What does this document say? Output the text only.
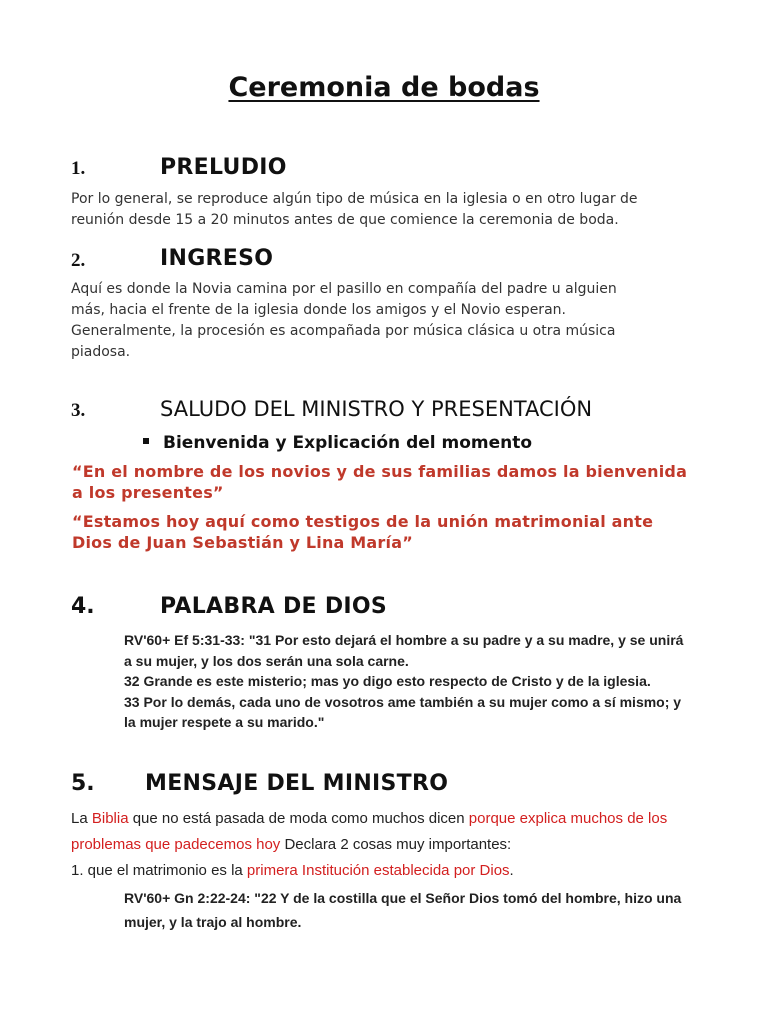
Ceremonia de bodas
1.	PRELUDIO
Por lo general, se reproduce algún tipo de música en la iglesia o en otro lugar de
reunión desde 15 a 20 minutos antes de que comience la ceremonia de boda.
2.	INGRESO
Aquí es donde la Novia camina por el pasillo en compañía del padre u alguien
más, hacia el frente de la iglesia donde los amigos y el Novio esperan.
Generalmente, la procesión es acompañada por música clásica u otra música
piadosa.
3.	SALUDO DEL MINISTRO Y PRESENTACIÓN
Bienvenida y Explicación del momento
“En el nombre de los novios y de sus familias damos la bienvenida
a los presentes”
“Estamos hoy aquí como testigos de la unión matrimonial ante
Dios de Juan Sebastián y Lina María”
4.	PALABRA DE DIOS
RV'60+ Ef 5:31-33: "31 Por esto dejará el hombre a su padre y a su madre, y se unirá
a su mujer, y los dos serán una sola carne.
32 Grande es este misterio; mas yo digo esto respecto de Cristo y de la iglesia.
33 Por lo demás, cada uno de vosotros ame también a su mujer como a sí mismo; y
la mujer respete a su marido."
5. MENSAJE DEL MINISTRO
La Biblia que no está pasada de moda como muchos dicen porque explica muchos de los
problemas que padecemos hoy Declara 2 cosas muy importantes:
1. que el matrimonio es la primera Institución establecida por Dios.
RV'60+ Gn 2:22-24: "22 Y de la costilla que el Señor Dios tomó del hombre, hizo una
mujer, y la trajo al hombre.
